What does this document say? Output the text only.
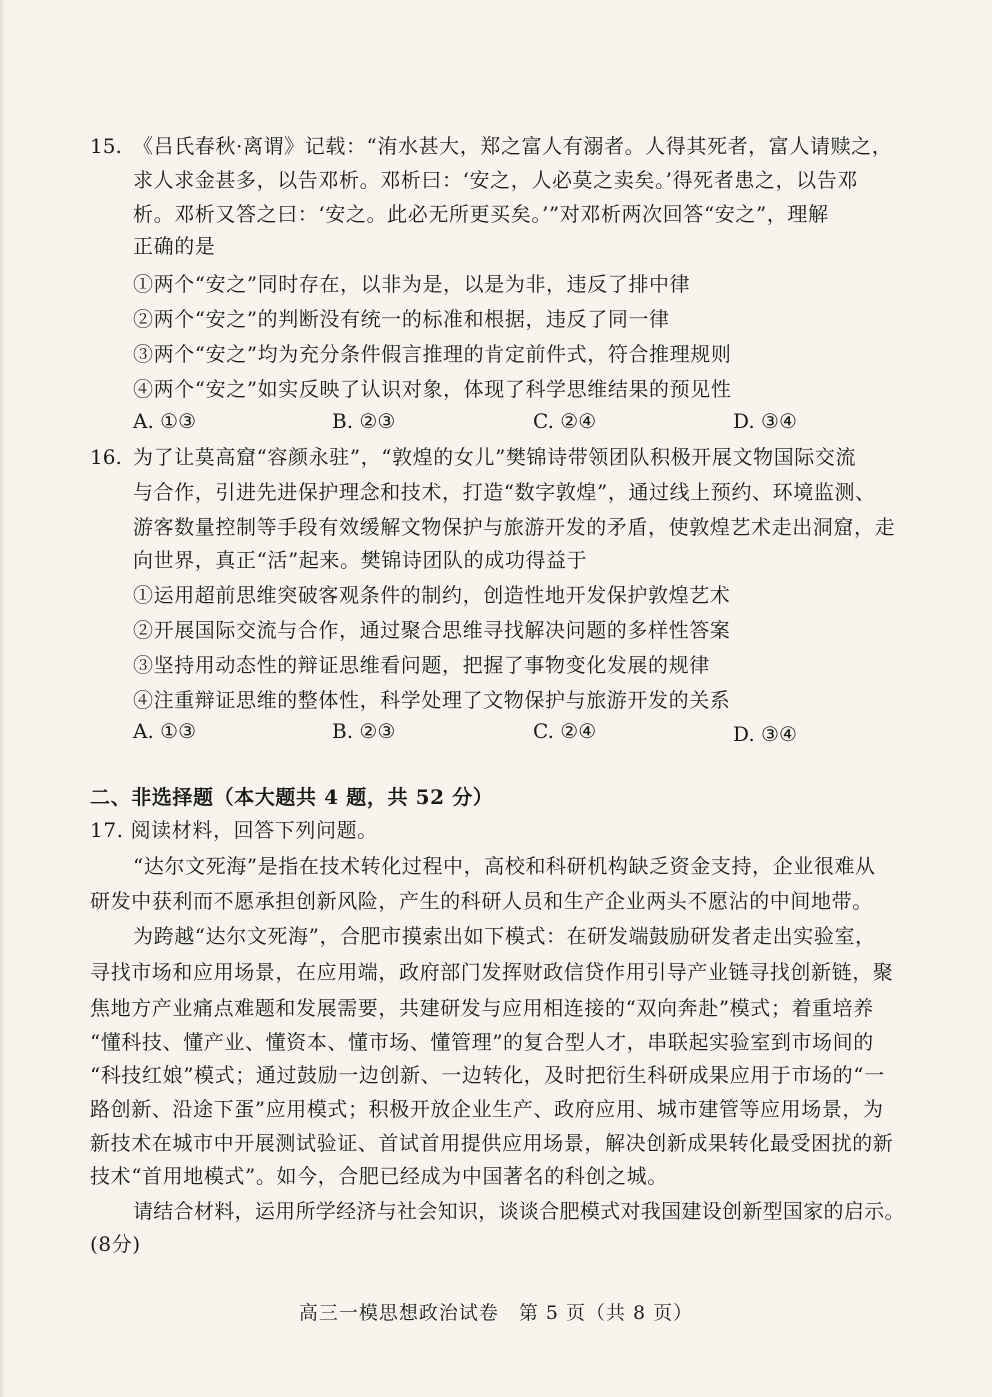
15. 《吕氏春秋·离谓》记载：“洧水甚大，郑之富人有溺者。人得其死者，富人请赎之，
求人求金甚多，以告邓析。邓析曰：‘安之，人必莫之卖矣。’得死者患之，以告邓
析。邓析又答之曰：‘安之。此必无所更买矣。’”对邓析两次回答“安之”，理解
正确的是
①两个“安之”同时存在，以非为是，以是为非，违反了排中律
②两个“安之”的判断没有统一的标准和根据，违反了同一律
③两个“安之”均为充分条件假言推理的肯定前件式，符合推理规则
④两个“安之”如实反映了认识对象，体现了科学思维结果的预见性
A. ①③	B. ②③	C. ②④	D. ③④
16. 为了让莫高窟“容颜永驻”，“敦煌的女儿”樊锦诗带领团队积极开展文物国际交流
与合作，引进先进保护理念和技术，打造“数字敦煌”，通过线上预约、环境监测、
游客数量控制等手段有效缓解文物保护与旅游开发的矛盾，使敦煌艺术走出洞窟，走
向世界，真正“活”起来。樊锦诗团队的成功得益于
①运用超前思维突破客观条件的制约，创造性地开发保护敦煌艺术
②开展国际交流与合作，通过聚合思维寻找解决问题的多样性答案
③坚持用动态性的辩证思维看问题，把握了事物变化发展的规律
④注重辩证思维的整体性，科学处理了文物保护与旅游开发的关系
A. ①③	B. ②③	C. ②④	D. ③④
二、非选择题（本大题共 4 题，共 52 分）
17. 阅读材料，回答下列问题。
“达尔文死海”是指在技术转化过程中，高校和科研机构缺乏资金支持，企业很难从
研发中获利而不愿承担创新风险，产生的科研人员和生产企业两头不愿沾的中间地带。
为跨越“达尔文死海”，合肥市摸索出如下模式：在研发端鼓励研发者走出实验室，
寻找市场和应用场景，在应用端，政府部门发挥财政信贷作用引导产业链寻找创新链，聚
焦地方产业痛点难题和发展需要，共建研发与应用相连接的“双向奔赴”模式；着重培养
“懂科技、懂产业、懂资本、懂市场、懂管理”的复合型人才，串联起实验室到市场间的
“科技红娘”模式；通过鼓励一边创新、一边转化，及时把衍生科研成果应用于市场的“一
路创新、沿途下蛋”应用模式；积极开放企业生产、政府应用、城市建管等应用场景，为
新技术在城市中开展测试验证、首试首用提供应用场景，解决创新成果转化最受困扰的新
技术“首用地模式”。如今，合肥已经成为中国著名的科创之城。
请结合材料，运用所学经济与社会知识，谈谈合肥模式对我国建设创新型国家的启示。
(8分)
高三一模思想政治试卷　第 5 页（共 8 页）
